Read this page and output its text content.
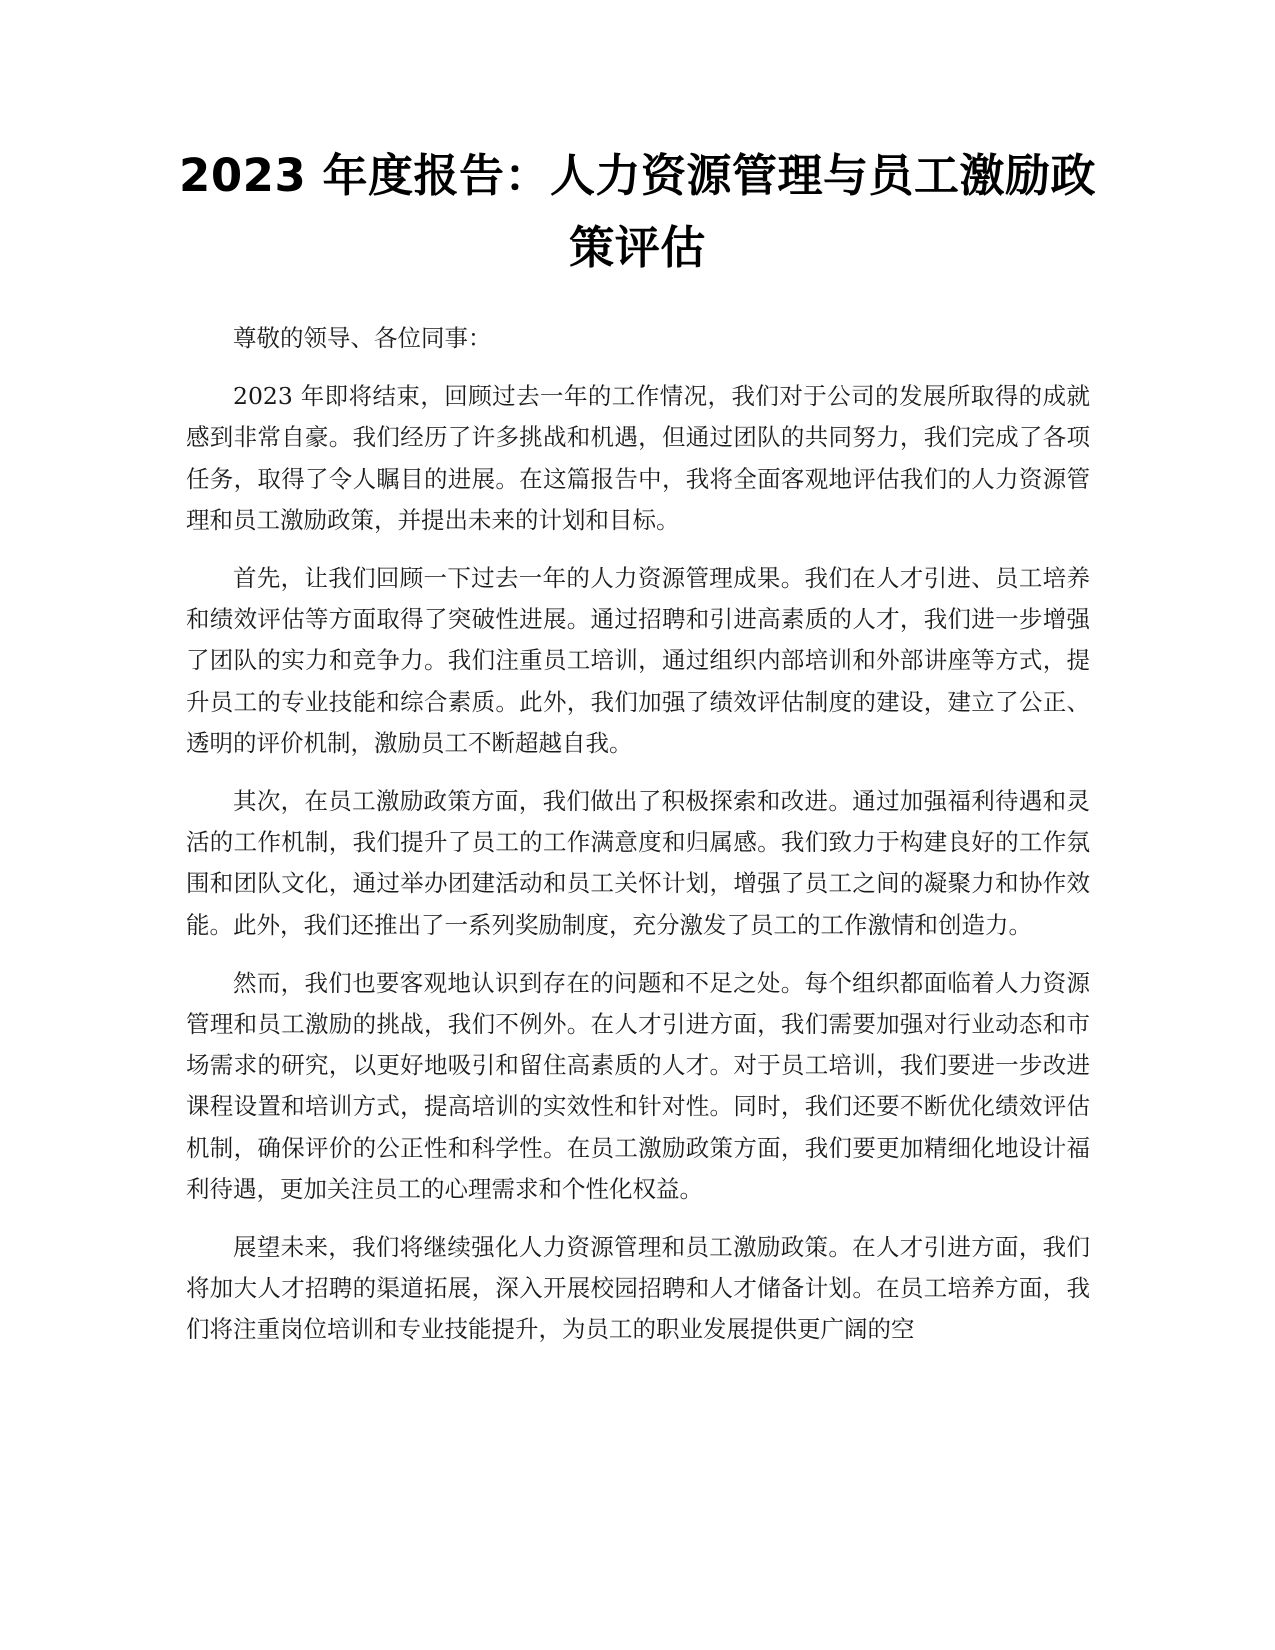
2023 年度报告：人力资源管理与员工激励政策评估

尊敬的领导、各位同事：

2023 年即将结束，回顾过去一年的工作情况，我们对于公司的发展所取得的成就感到非常自豪。我们经历了许多挑战和机遇，但通过团队的共同努力，我们完成了各项任务，取得了令人瞩目的进展。在这篇报告中，我将全面客观地评估我们的人力资源管理和员工激励政策，并提出未来的计划和目标。

首先，让我们回顾一下过去一年的人力资源管理成果。我们在人才引进、员工培养和绩效评估等方面取得了突破性进展。通过招聘和引进高素质的人才，我们进一步增强了团队的实力和竞争力。我们注重员工培训，通过组织内部培训和外部讲座等方式，提升员工的专业技能和综合素质。此外，我们加强了绩效评估制度的建设，建立了公正、透明的评价机制，激励员工不断超越自我。

其次，在员工激励政策方面，我们做出了积极探索和改进。通过加强福利待遇和灵活的工作机制，我们提升了员工的工作满意度和归属感。我们致力于构建良好的工作氛围和团队文化，通过举办团建活动和员工关怀计划，增强了员工之间的凝聚力和协作效能。此外，我们还推出了一系列奖励制度，充分激发了员工的工作激情和创造力。

然而，我们也要客观地认识到存在的问题和不足之处。每个组织都面临着人力资源管理和员工激励的挑战，我们不例外。在人才引进方面，我们需要加强对行业动态和市场需求的研究，以更好地吸引和留住高素质的人才。对于员工培训，我们要进一步改进课程设置和培训方式，提高培训的实效性和针对性。同时，我们还要不断优化绩效评估机制，确保评价的公正性和科学性。在员工激励政策方面，我们要更加精细化地设计福利待遇，更加关注员工的心理需求和个性化权益。

展望未来，我们将继续强化人力资源管理和员工激励政策。在人才引进方面，我们将加大人才招聘的渠道拓展，深入开展校园招聘和人才储备计划。在员工培养方面，我们将注重岗位培训和专业技能提升，为员工的职业发展提供更广阔的空
